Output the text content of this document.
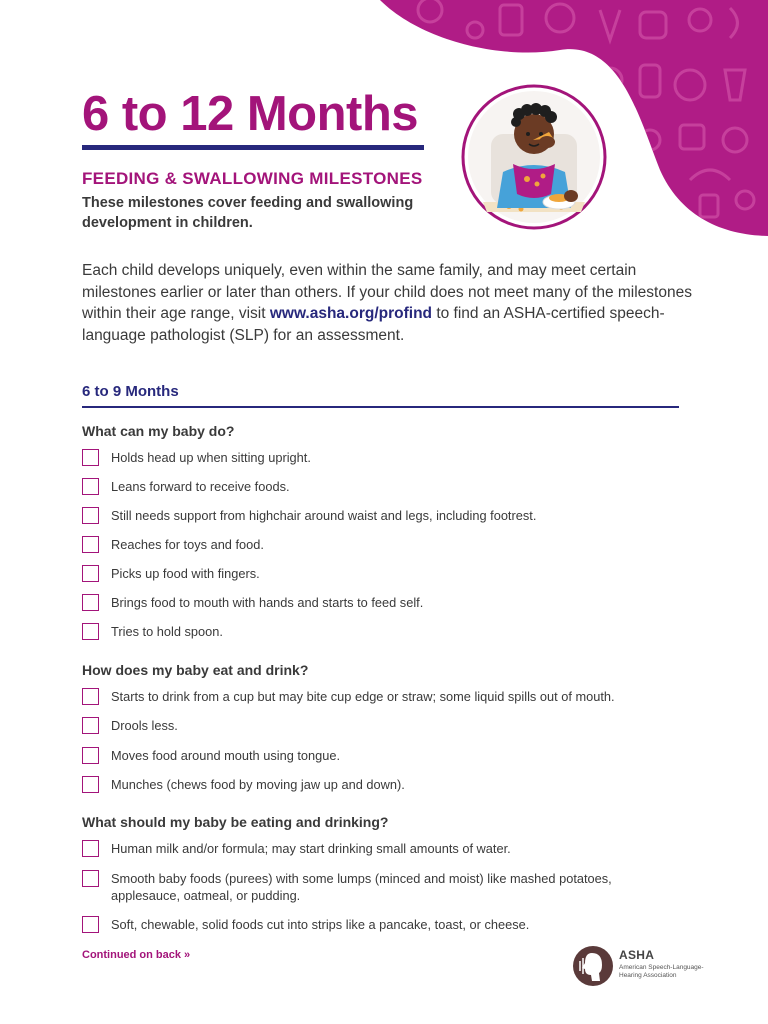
6 to 12 Months
FEEDING & SWALLOWING MILESTONES

These milestones cover feeding and swallowing development in children.

Each child develops uniquely, even within the same family, and may meet certain milestones earlier or later than others. If your child does not meet many of the milestones within their age range, visit www.asha.org/profind to find an ASHA-certified speech-language pathologist (SLP) for an assessment.

6 to 9 Months
What can my baby do?
Holds head up when sitting upright.
Leans forward to receive foods.
Still needs support from highchair around waist and legs, including footrest.
Reaches for toys and food.
Picks up food with fingers.
Brings food to mouth with hands and starts to feed self.
Tries to hold spoon.
How does my baby eat and drink?
Starts to drink from a cup but may bite cup edge or straw; some liquid spills out of mouth.
Drools less.
Moves food around mouth using tongue.
Munches (chews food by moving jaw up and down).
What should my baby be eating and drinking?
Human milk and/or formula; may start drinking small amounts of water.
Smooth baby foods (purees) with some lumps (minced and moist) like mashed potatoes, applesauce, oatmeal, or pudding.
Soft, chewable, solid foods cut into strips like a pancake, toast, or cheese.
Continued on back »	ASHA
American Speech-Language-Hearing Association
